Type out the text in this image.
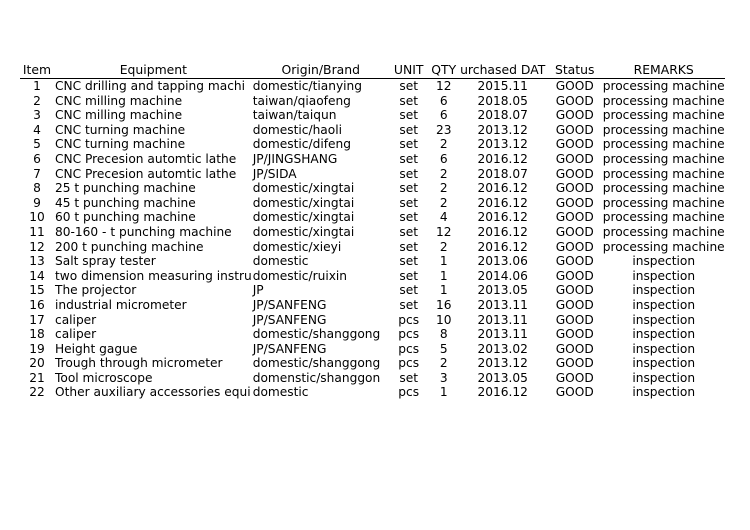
Item	Equipment	Origin/Brand	UNIT	QTY	urchased DAT	Status	REMARKS
1	CNC drilling and tapping machi	domestic/tianying	set	12	2015.11	GOOD	processing machine
2	CNC milling machine	taiwan/qiaofeng	set	6	2018.05	GOOD	processing machine
3	CNC milling machine	taiwan/taiqun	set	6	2018.07	GOOD	processing machine
4	CNC turning machine	domestic/haoli	set	23	2013.12	GOOD	processing machine
5	CNC turning machine	domestic/difeng	set	2	2013.12	GOOD	processing machine
6	CNC Precesion automtic lathe	JP/JINGSHANG	set	6	2016.12	GOOD	processing machine
7	CNC Precesion automtic lathe	JP/SIDA	set	2	2018.07	GOOD	processing machine
8	25 t punching machine	domestic/xingtai	set	2	2016.12	GOOD	processing machine
9	45 t punching machine	domestic/xingtai	set	2	2016.12	GOOD	processing machine
10	60 t punching machine	domestic/xingtai	set	4	2016.12	GOOD	processing machine
11	80-160 - t punching machine	domestic/xingtai	set	12	2016.12	GOOD	processing machine
12	200 t punching machine	domestic/xieyi	set	2	2016.12	GOOD	processing machine
13	Salt spray tester	domestic	set	1	2013.06	GOOD	inspection
14	two dimension measuring instru	domestic/ruixin	set	1	2014.06	GOOD	inspection
15	The projector	JP	set	1	2013.05	GOOD	inspection
16	industrial micrometer	JP/SANFENG	set	16	2013.11	GOOD	inspection
17	caliper	JP/SANFENG	pcs	10	2013.11	GOOD	inspection
18	caliper	domestic/shanggong	pcs	8	2013.11	GOOD	inspection
19	Height gague	JP/SANFENG	pcs	5	2013.02	GOOD	inspection
20	Trough through micrometer	domestic/shanggong	pcs	2	2013.12	GOOD	inspection
21	Tool microscope	domenstic/shanggon	set	3	2013.05	GOOD	inspection
22	Other auxiliary accessories equi	domestic	pcs	1	2016.12	GOOD	inspection
